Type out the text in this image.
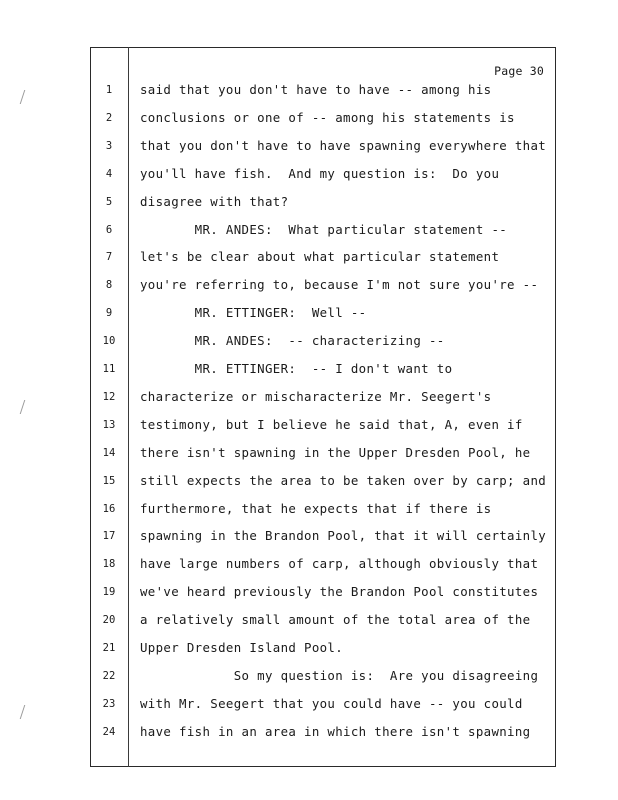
Page 30
1	said that you don't have to have -- among his
2	conclusions or one of -- among his statements is
3	that you don't have to have spawning everywhere that
4	you'll have fish.  And my question is:  Do you
5	disagree with that?
6	MR. ANDES:  What particular statement --
7	let's be clear about what particular statement
8	you're referring to, because I'm not sure you're --
9	MR. ETTINGER:  Well --
10 MR. ANDES:  -- characterizing --
11 MR. ETTINGER:  -- I don't want to
12 characterize or mischaracterize Mr. Seegert's
13 testimony, but I believe he said that, A, even if
14 there isn't spawning in the Upper Dresden Pool, he
15 still expects the area to be taken over by carp; and
16 furthermore, that he expects that if there is
17 spawning in the Brandon Pool, that it will certainly
18 have large numbers of carp, although obviously that
19 we've heard previously the Brandon Pool constitutes
20 a relatively small amount of the total area of the
21 Upper Dresden Island Pool.
22 So my question is:  Are you disagreeing
23 with Mr. Seegert that you could have -- you could
24 have fish in an area in which there isn't spawning
